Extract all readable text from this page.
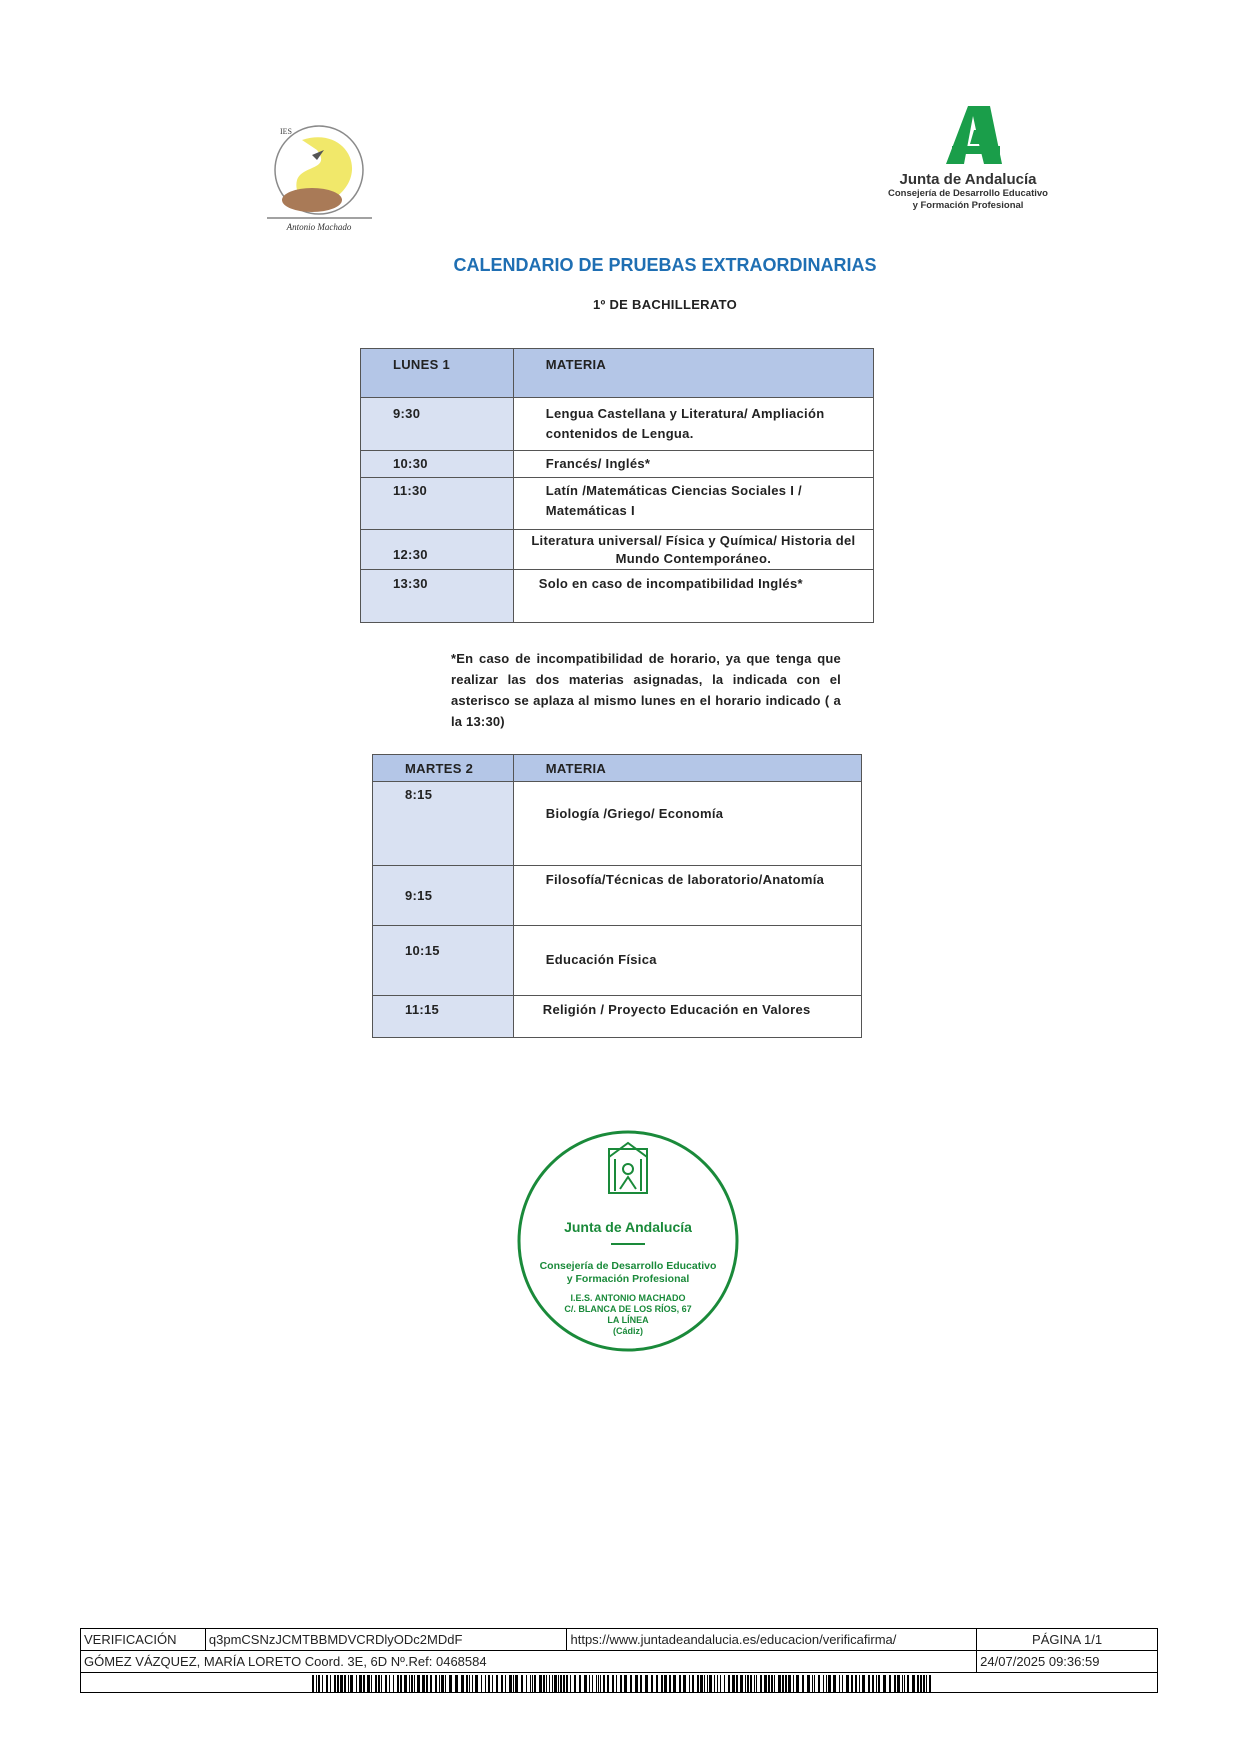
IES
Antonio Machado
Junta de Andalucía
Consejería de Desarrollo Educativo
y Formación Profesional
CALENDARIO DE PRUEBAS EXTRAORDINARIAS
1º DE BACHILLERATO
LUNES 1	MATERIA

9:30	Lengua Castellana y Literatura/ Ampliación
contenidos de Lengua.

10:30	Francés/ Inglés*

11:30	Latín /Matemáticas Ciencias Sociales I /
Matemáticas I

12:30	Literatura universal/ Física y Química/ Historia del
Mundo Contemporáneo.

13:30	Solo en caso de incompatibilidad Inglés*
*En caso de incompatibilidad de horario, ya que tenga que realizar las dos materias asignadas, la indicada con el asterisco se aplaza al mismo lunes en el horario indicado ( a la 13:30)
MARTES 2	MATERIA

8:15	Biología /Griego/ Economía

9:15	Filosofía/Técnicas de laboratorio/Anatomía

10:15	Educación Física

11:15	Religión / Proyecto Educación en Valores
Junta de Andalucía
Consejería de Desarrollo Educativo
y Formación Profesional
I.E.S. ANTONIO MACHADO
C/. BLANCA DE LOS RÍOS, 67
LA LÍNEA
(Cádiz)
VERIFICACIÓN	q3pmCSNzJCMTBBMDVCRDlyODc2MDdF	https://www.juntadeandalucia.es/educacion/verificafirma/	PÁGINA 1/1
GÓMEZ VÁZQUEZ, MARÍA LORETO Coord. 3E, 6D Nº.Ref: 0468584			24/07/2025 09:36:59
